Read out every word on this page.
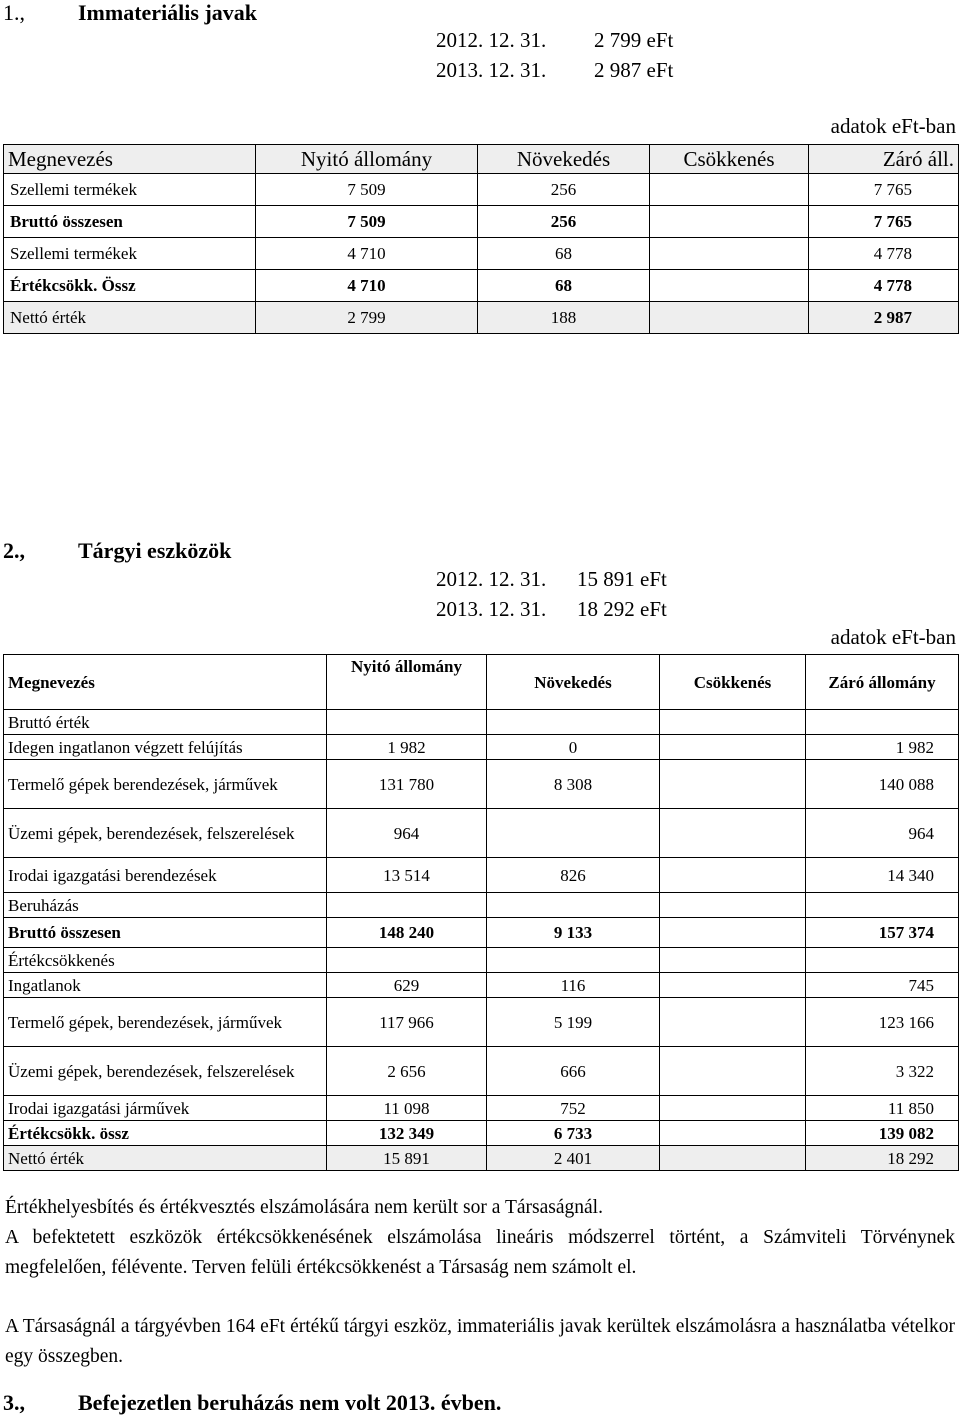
1., Immateriális javak
2012. 12. 31. 2 799 eFt
2013. 12. 31. 2 987 eFt
adatok eFt-ban
Megnevezés	Nyitó állomány	Növekedés	Csökkenés	Záró áll.
Szellemi termékek	7 509	256		7 765
Bruttó összesen	7 509	256		7 765
Szellemi termékek	4 710	68		4 778
Értékcsökk. Össz	4 710	68		4 778
Nettó érték	2 799	188		2 987
2., Tárgyi eszközök
2012. 12. 31. 15 891 eFt
2013. 12. 31. 18 292 eFt
adatok eFt-ban
Megnevezés	Nyitó állomány	Növekedés	Csökkenés	Záró állomány
Bruttó érték				
Idegen ingatlanon végzett felújítás	1 982	0		1 982
Termelő gépek berendezések, járművek	131 780	8 308		140 088
Üzemi gépek, berendezések, felszerelések	964			964
Irodai igazgatási berendezések	13 514	826		14 340
Beruházás				
Bruttó összesen	148 240	9 133		157 374
Értékcsökkenés				
Ingatlanok	629	116		745
Termelő gépek, berendezések, járművek	117 966	5 199		123 166
Üzemi gépek, berendezések, felszerelések	2 656	666		3 322
Irodai igazgatási járművek	11 098	752		11 850
Értékcsökk. össz	132 349	6 733		139 082
Nettó érték	15 891	2 401		18 292
Értékhelyesbítés és értékvesztés elszámolására nem került sor a Társaságnál.
A befektetett eszközök értékcsökkenésének elszámolása lineáris módszerrel történt, a Számviteli Törvénynek megfelelően, félévente. Terven felüli értékcsökkenést a Társaság nem számolt el.
A Társaságnál a tárgyévben 164 eFt értékű tárgyi eszköz, immateriális javak kerültek elszámolásra a használatba vételkor egy összegben.
3., Befejezetlen beruházás nem volt 2013. évben.
